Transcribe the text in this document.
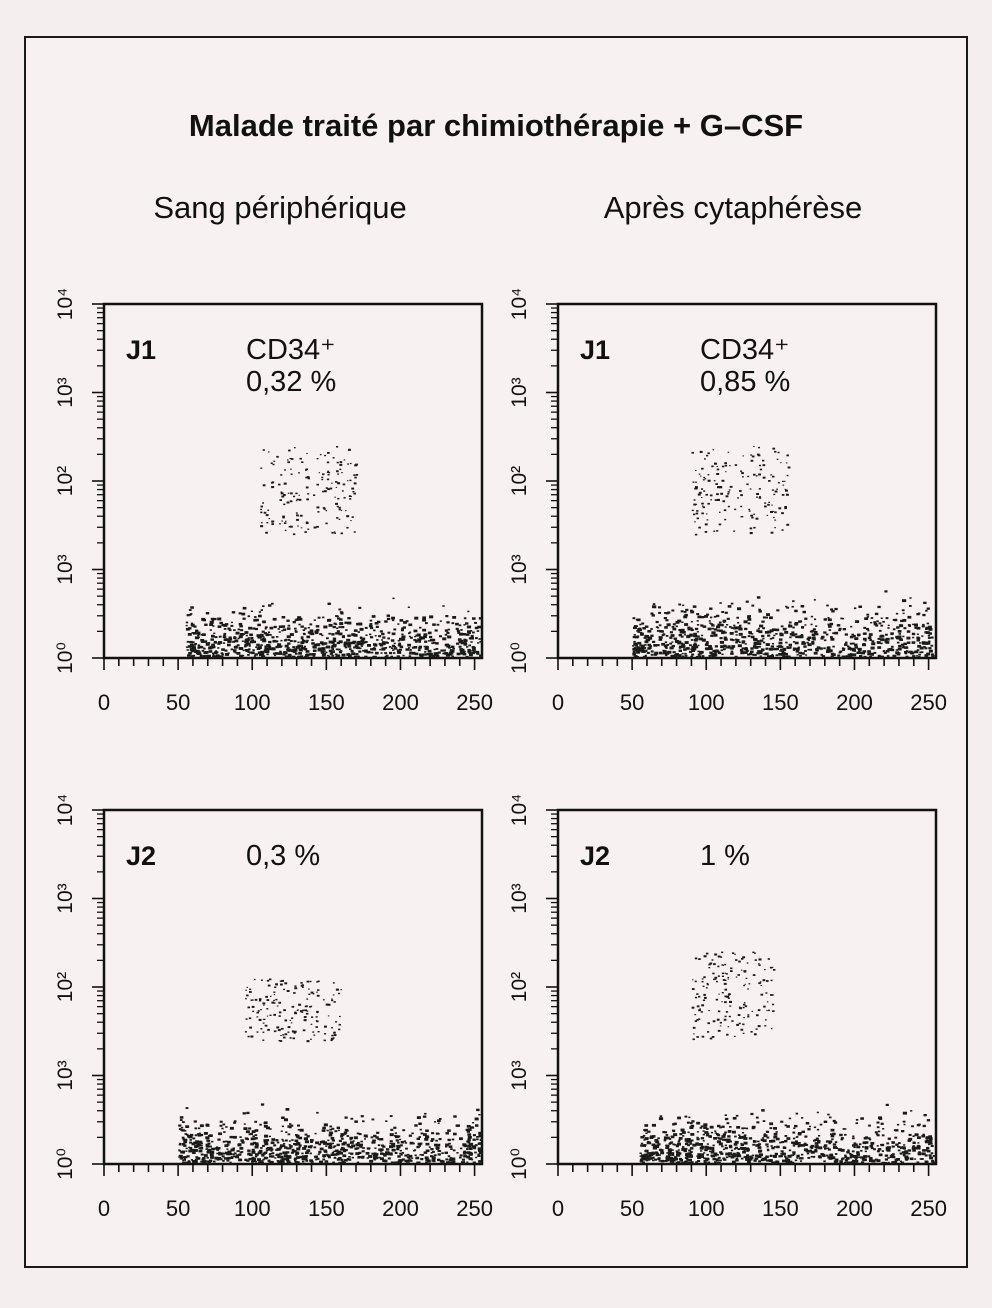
Malade traité par chimiothérapie + G–CSF
Sang périphérique	Après cytaphérèse
0	50 100 150 200 250
10⁰
10³
10²
10³
10⁴
J1	CD34⁺
0,32 %
0	50 100 150 200 250
10⁰
10³
10²
10³
10⁴
J1	CD34⁺
0,85 %
0	50 100 150 200 250
10⁰
10³
10²
10³
10⁴
J2	0,3 %
0	50 100 150 200 250
10⁰
10³
10²
10³
10⁴
J2	1 %
